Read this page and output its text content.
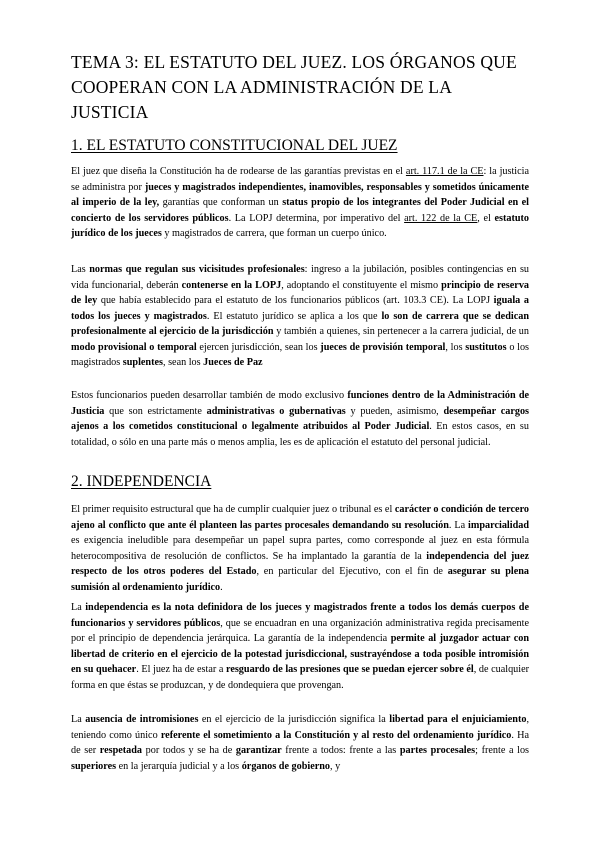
TEMA 3: EL ESTATUTO DEL JUEZ. LOS ÓRGANOS QUE COOPERAN CON LA ADMINISTRACIÓN DE LA JUSTICIA
1. EL ESTATUTO CONSTITUCIONAL DEL JUEZ

El juez que diseña la Constitución ha de rodearse de las garantías previstas en el art. 117.1 de la CE: la justicia se administra por jueces y magistrados independientes, inamovibles, responsables y sometidos únicamente al imperio de la ley, garantías que conforman un status propio de los integrantes del Poder Judicial en el concierto de los servidores públicos. La LOPJ determina, por imperativo del art. 122 de la CE, el estatuto jurídico de los jueces y magistrados de carrera, que forman un cuerpo único.

Las normas que regulan sus vicisitudes profesionales: ingreso a la jubilación, posibles contingencias en su vida funcionarial, deberán contenerse en la LOPJ, adoptando el constituyente el mismo principio de reserva de ley que había establecido para el estatuto de los funcionarios públicos (art. 103.3 CE). La LOPJ iguala a todos los jueces y magistrados. El estatuto jurídico se aplica a los que lo son de carrera que se dedican profesionalmente al ejercicio de la jurisdicción y también a quienes, sin pertenecer a la carrera judicial, de un modo provisional o temporal ejercen jurisdicción, sean los jueces de provisión temporal, los sustitutos o los magistrados suplentes, sean los Jueces de Paz

Estos funcionarios pueden desarrollar también de modo exclusivo funciones dentro de la Administración de Justicia que son estrictamente administrativas o gubernativas y pueden, asimismo, desempeñar cargos ajenos a los cometidos constitucional o legalmente atribuidos al Poder Judicial. En estos casos, en su totalidad, o sólo en una parte más o menos amplia, les es de aplicación el estatuto del personal judicial.

2. INDEPENDENCIA

El primer requisito estructural que ha de cumplir cualquier juez o tribunal es el carácter o condición de tercero ajeno al conflicto que ante él planteen las partes procesales demandando su resolución. La imparcialidad es exigencia ineludible para desempeñar un papel supra partes, como corresponde al juez en esta fórmula heterocompositiva de resolución de conflictos. Se ha implantado la garantía de la independencia del juez respecto de los otros poderes del Estado, en particular del Ejecutivo, con el fin de asegurar su plena sumisión al ordenamiento jurídico.

La independencia es la nota definidora de los jueces y magistrados frente a todos los demás cuerpos de funcionarios y servidores públicos, que se encuadran en una organización administrativa regida precisamente por el principio de dependencia jerárquica. La garantía de la independencia permite al juzgador actuar con libertad de criterio en el ejercicio de la potestad jurisdiccional, sustrayéndose a toda posible intromisión en su quehacer. El juez ha de estar a resguardo de las presiones que se puedan ejercer sobre él, de cualquier forma en que éstas se produzcan, y de dondequiera que provengan.

La ausencia de intromisiones en el ejercicio de la jurisdicción significa la libertad para el enjuiciamiento, teniendo como único referente el sometimiento a la Constitución y al resto del ordenamiento jurídico. Ha de ser respetada por todos y se ha de garantizar frente a todos: frente a las partes procesales; frente a los superiores en la jerarquía judicial y a los órganos de gobierno, y
